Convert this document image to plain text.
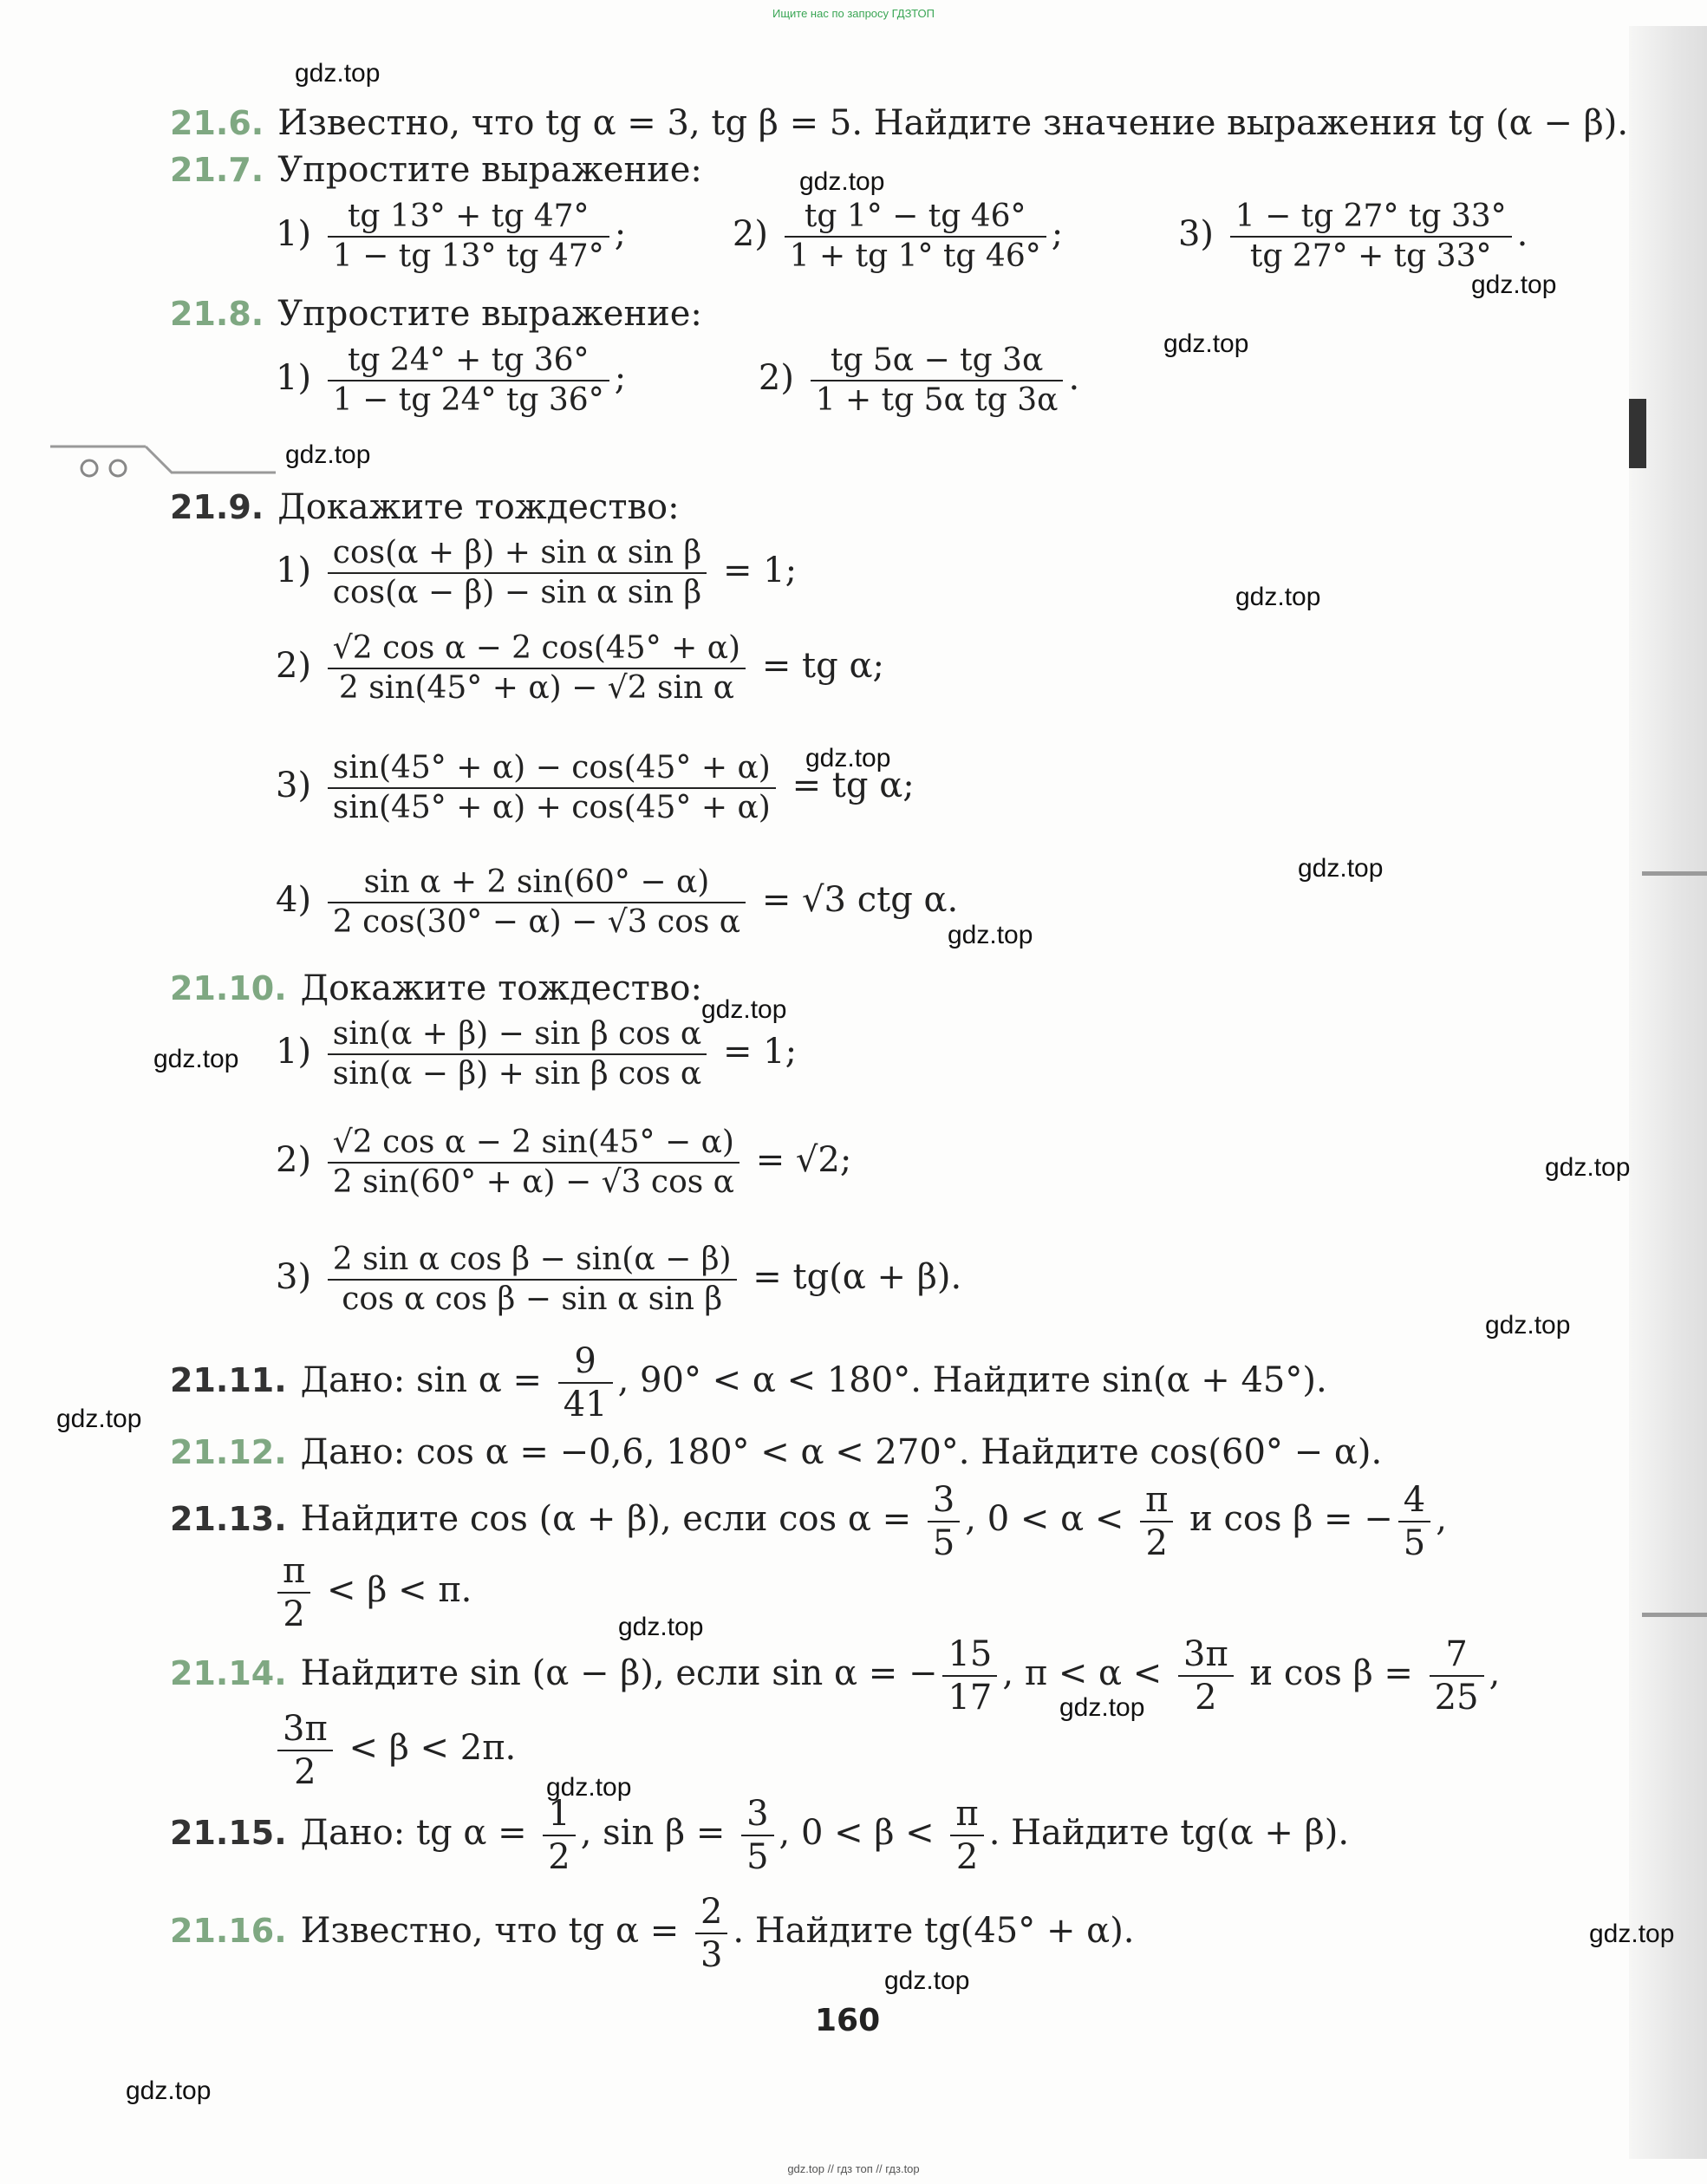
Ищите нас по запросу ГДЗТОП
gdz.top
gdz.top
gdz.top
gdz.top
gdz.top
gdz.top
gdz.top
gdz.top
gdz.top
gdz.top
gdz.top
gdz.top
gdz.top
gdz.top
gdz.top
gdz.top
gdz.top
gdz.top
gdz.top
gdz.top
21.6. Известно, что tg α = 3, tg β = 5. Найдите значение выражения tg (α − β).
21.7. Упростите выражение:
$1) \frac{tg 13^\circ + tg 47^\circ}{1 - tg 13^\circ tg 47^\circ}$ ;	$2) \frac{tg 1^\circ - tg 46^\circ}{1 + tg 1^\circ tg 46^\circ}$ ;	$3) \frac{1 - tg 27^\circ tg 33^\circ}{tg 27^\circ + tg 33^\circ}$ .
21.8. Упростите выражение:
$1) \frac{tg 24^\circ + tg 36^\circ}{1 - tg 24^\circ tg 36^\circ}$ ;	$2) \frac{tg 5\alpha - tg 3\alpha}{\text{1 + tg 5α tg 3α}}$ .
21.9. Докажите тождество:
$1) \frac{\text{cos(α + β) + sin α sin β}}{\text{cos(α − β) − sin α sin β}} = 1$;
$2) \frac{\text{√2 cos α − 2 cos(45° + α)}}{\text{2 sin(45° + α) − √2 sin α}}$ = tg α;
$3) \frac{\sin(45^\circ + \alpha) - \cos(45^\circ + \alpha)}{\sin(45^\circ + \alpha) + \cos(45^\circ + \alpha)}$ = tg α;
$4) \frac{\text{sin α + 2 sin(60° − α)}}{\text{2 cos(30° − α) − √3 cos α}} = √3$ ctg α.
21.10. Докажите тождество:
$1) \frac{\text{sin(α + β) − sin β cos α}}{\text{sin(α − β) + sin β cos α}} = 1$;
$2) \frac{\text{√2 cos α − 2 sin(45° − α)}}{\text{2 sin(60° + α) − √3 cos α}} = √2$;
$3) \frac{\text{2 sin α cos β − sin(α − β)}}{\text{cos α cos β − sin α sin β}} = tg(\alpha + \beta)$.
21.11. Дано: $\sin \alpha = \frac{9}{41}$ , 90° < α < 180°. Найдите sin(α + 45°).
21.12. Дано: cos α = −0,6, 180° < α < 270°. Найдите cos(60° − α).
21.13. Найдите cos (α + β), если $\cos \alpha = \frac{3}{5}$ , $0 < \alpha < \frac{\pi}{2}$ и cos β = − $\frac{4}{5}$ ,
$\frac{\pi}{2} < \beta < \pi$.
21.14. Найдите sin (α − β), если sin α = − $\frac{15}{17}$ , $\pi < \alpha < \frac{3\pi}{2}$ и $\cos \beta = \frac{7}{25}$ ,
$\frac{3\pi}{2} < \beta < 2\pi$.
21.15. Дано: tg $\alpha = \frac{1}{2}$ , $\sin \beta = \frac{3}{5}$ , $0 < \beta < \frac{\pi}{2}$ . Найдите tg(α + β).
21.16. Известно, что tg $\alpha = \frac{2}{3}$ . Найдите tg(45° + α).
160
gdz.top // гдз топ // гдз.top
